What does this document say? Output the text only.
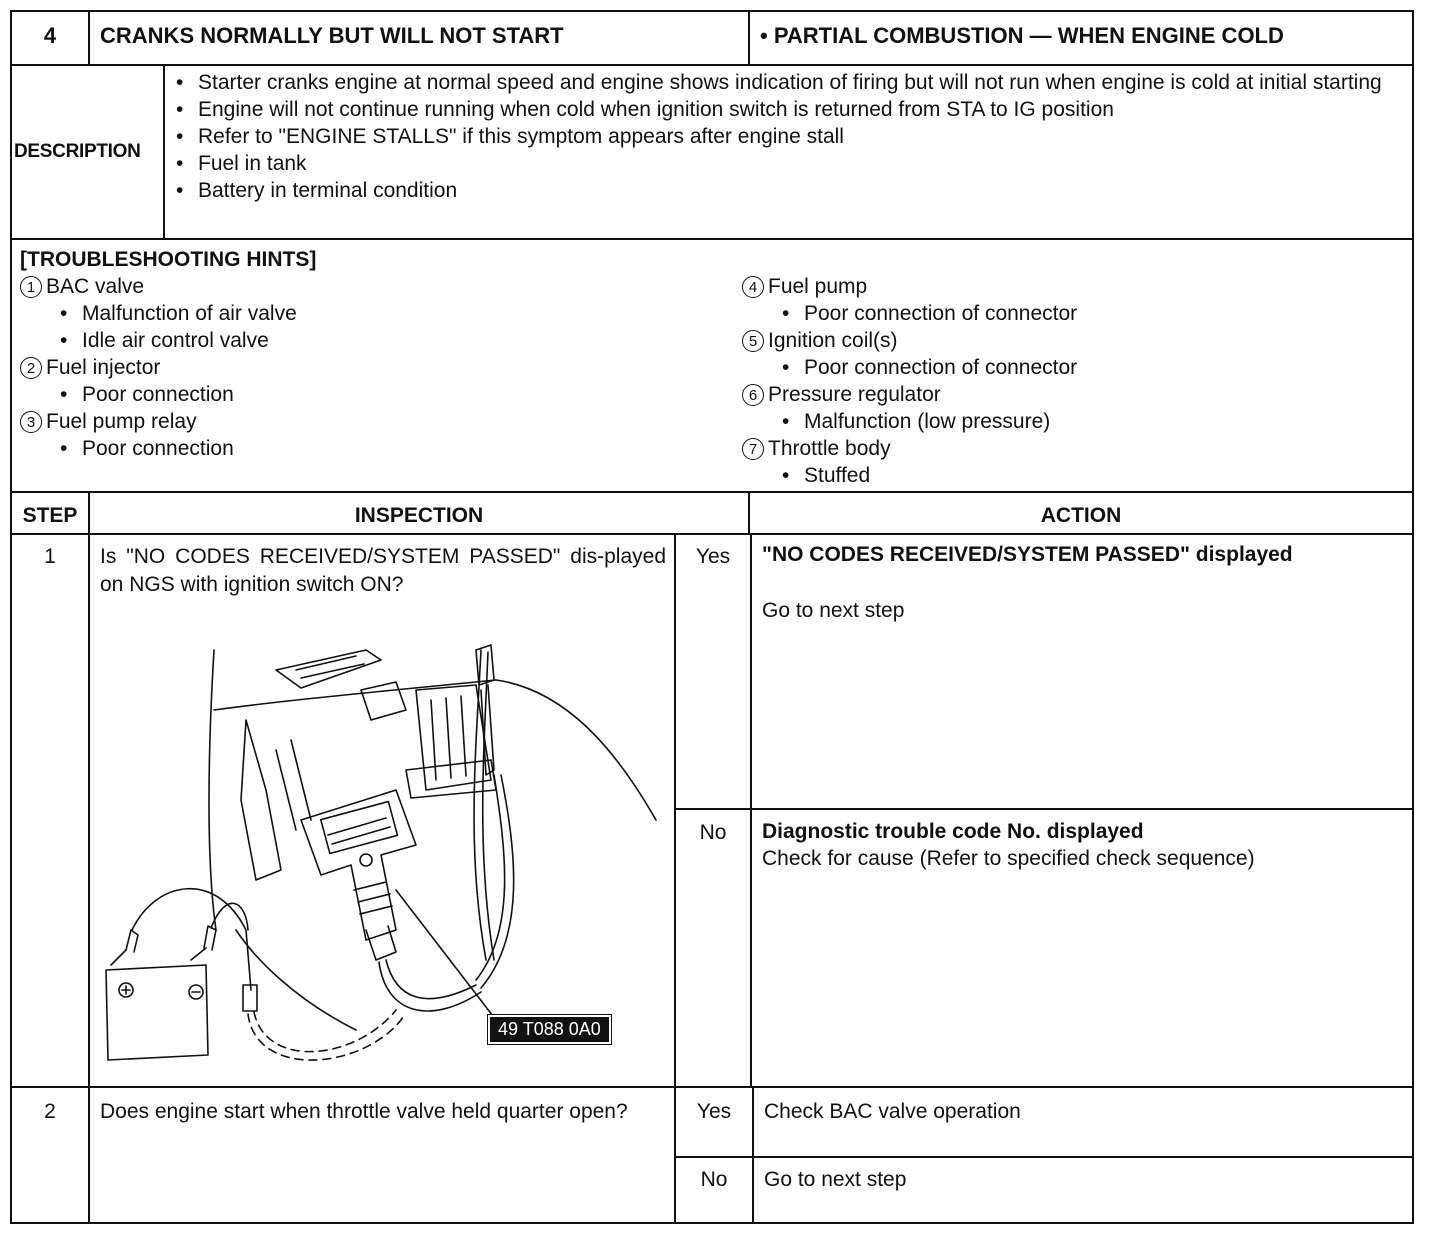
4	CRANKS NORMALLY BUT WILL NOT START	• PARTIAL COMBUSTION — WHEN ENGINE COLD
DESCRIPTION
• Starter cranks engine at normal speed and engine shows indication of firing but will not run when engine is cold at initial starting
• Engine will not continue running when cold when ignition switch is returned from STA to IG position
• Refer to "ENGINE STALLS" if this symptom appears after engine stall
• Fuel in tank
• Battery in terminal condition
[TROUBLESHOOTING HINTS]
1 BAC valve
• Malfunction of air valve
• Idle air control valve
2 Fuel injector
• Poor connection
3 Fuel pump relay
• Poor connection
4 Fuel pump
• Poor connection of connector
5 Ignition coil(s)
• Poor connection of connector
6 Pressure regulator
• Malfunction (low pressure)
7 Throttle body
• Stuffed
STEP	INSPECTION	ACTION
1	Is "NO CODES RECEIVED/SYSTEM PASSED" dis-played on NGS with ignition switch ON?
49 T088 0A0
Yes	"NO CODES RECEIVED/SYSTEM PASSED" displayed
Go to next step
No	Diagnostic trouble code No. displayed
Check for cause (Refer to specified check sequence)
2	Does engine start when throttle valve held quarter open?	Yes	Check BAC valve operation
No	Go to next step
